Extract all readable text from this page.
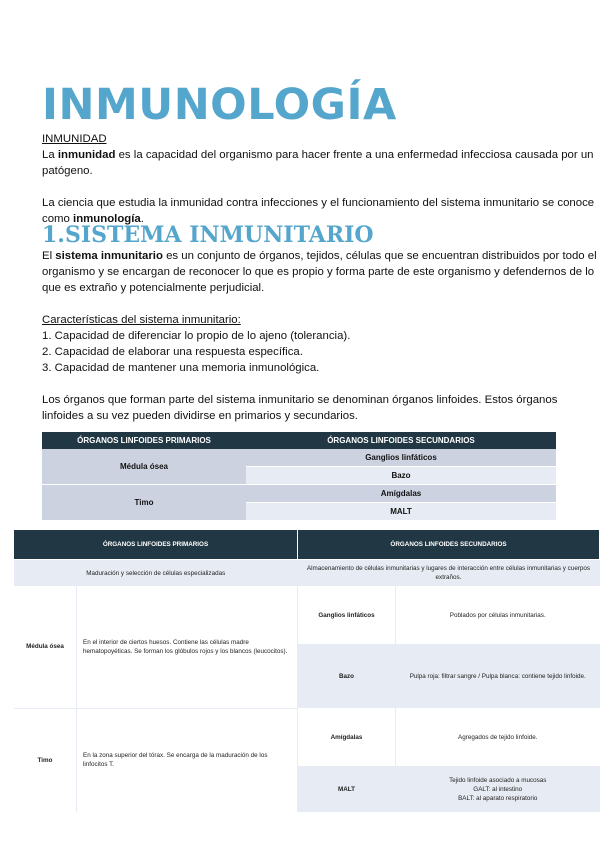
INMUNOLOGÍA

INMUNIDAD

La inmunidad es la capacidad del organismo para hacer frente a una enfermedad infecciosa causada por un patógeno.

La ciencia que estudia la inmunidad contra infecciones y el funcionamiento del sistema inmunitario se conoce como inmunología.

1.SISTEMA INMUNITARIO

El sistema inmunitario es un conjunto de órganos, tejidos, células que se encuentran distribuidos por todo el organismo y se encargan de reconocer lo que es propio y forma parte de este organismo y defendernos de lo que es extraño y potencialmente perjudicial.

Características del sistema inmunitario:

1. Capacidad de diferenciar lo propio de lo ajeno (tolerancia).

2. Capacidad de elaborar una respuesta específica.

3. Capacidad de mantener una memoria inmunológica.

Los órganos que forman parte del sistema inmunitario se denominan órganos linfoides. Estos órganos linfoides a su vez pueden dividirse en primarios y secundarios.

ÓRGANOS LINFOIDES PRIMARIOS	ÓRGANOS LINFOIDES SECUNDARIOS
Médula ósea	Ganglios linfáticos
	Bazo
Timo	Amígdalas
	MALT
ÓRGANOS LINFOIDES PRIMARIOS		ÓRGANOS LINFOIDES SECUNDARIOS	
Maduración y selección de células especializadas		Almacenamiento de células inmunitarias y lugares de interacción entre células inmunitarias y cuerpos extraños.	
Médula ósea	En el interior de ciertos huesos. Contiene las células madre hematopoyéticas. Se forman los glóbulos rojos y los blancos (leucocitos).	Ganglios linfáticos	Poblados por células inmunitarias.
		Bazo	Pulpa roja: filtrar sangre / Pulpa blanca: contiene tejido linfoide.
Timo	En la zona superior del tórax. Se encarga de la maduración de los linfocitos T.	Amígdalas	Agregados de tejido linfoide.
		MALT	Tejido linfoide asociado a mucosas
GALT: al intestino
BALT: al aparato respiratorio
